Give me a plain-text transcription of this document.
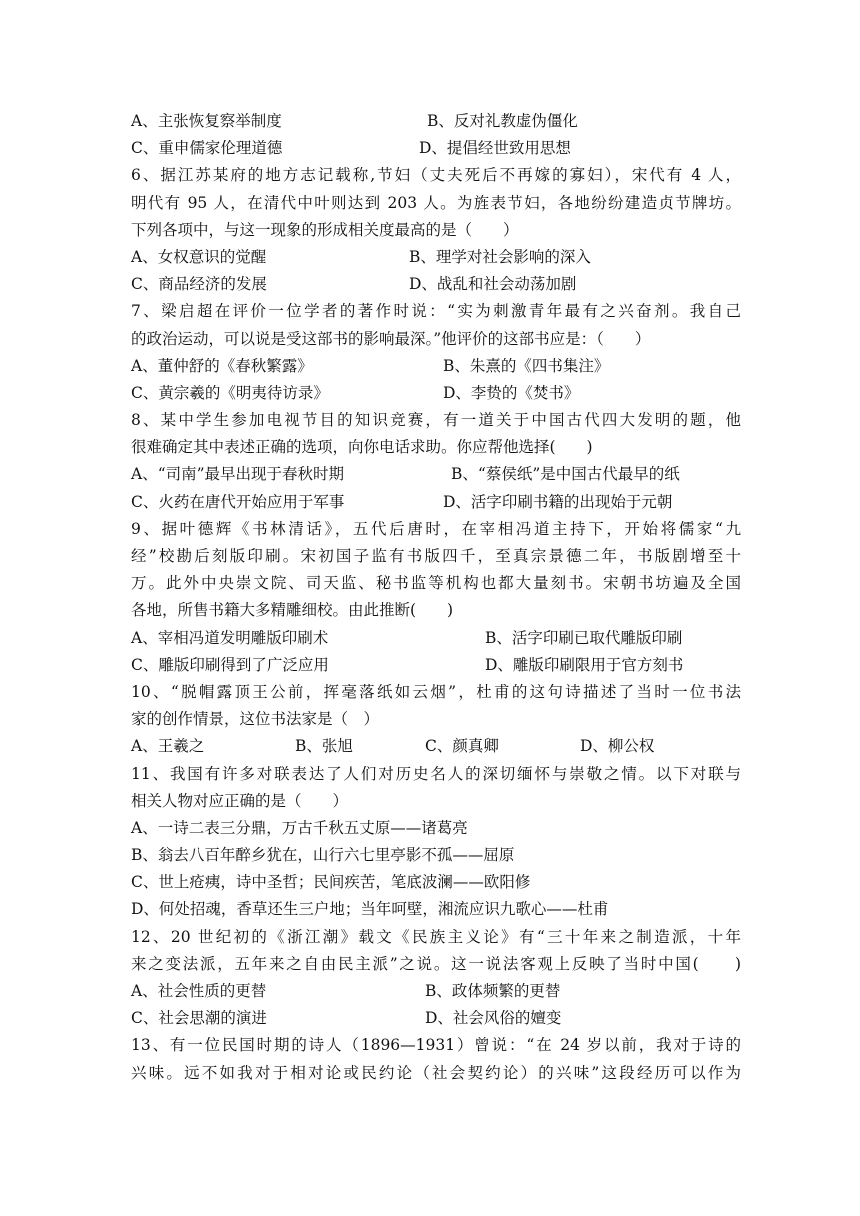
A、主张恢复察举制度	B、反对礼教虚伪僵化
C、重申儒家伦理道德	D、提倡经世致用思想
6、据江苏某府的地方志记载称,节妇（丈夫死后不再嫁的寡妇），宋代有 4 人，
明代有 95 人，在清代中叶则达到 203 人。为旌表节妇，各地纷纷建造贞节牌坊。
下列各项中，与这一现象的形成相关度最高的是（　　）
A、女权意识的觉醒	B、理学对社会影响的深入
C、商品经济的发展	D、战乱和社会动荡加剧
7、梁启超在评价一位学者的著作时说：“实为刺激青年最有之兴奋剂。我自己
的政治运动，可以说是受这部书的影响最深。”他评价的这部书应是：（　　）
A、董仲舒的《春秋繁露》	B、朱熹的《四书集注》
C、黄宗羲的《明夷待访录》	D、李贽的《焚书》
8、某中学生参加电视节目的知识竞赛，有一道关于中国古代四大发明的题，他
很难确定其中表述正确的选项，向你电话求助。你应帮他选择(　　)
A、“司南”最早出现于春秋时期	B、“蔡侯纸”是中国古代最早的纸
C、火药在唐代开始应用于军事	D、活字印刷书籍的出现始于元朝
9、据叶德辉《书林清话》，五代后唐时，在宰相冯道主持下，开始将儒家“九
经”校勘后刻版印刷。宋初国子监有书版四千，至真宗景德二年，书版剧增至十
万。此外中央崇文院、司天监、秘书监等机构也都大量刻书。宋朝书坊遍及全国
各地，所售书籍大多精雕细校。由此推断(　　)
A、宰相冯道发明雕版印刷术	B、活字印刷已取代雕版印刷
C、雕版印刷得到了广泛应用	D、雕版印刷限用于官方刻书
10、“脱帽露顶王公前，挥毫落纸如云烟”，杜甫的这句诗描述了当时一位书法
家的创作情景，这位书法家是（　）
A、王羲之	B、张旭	C、颜真卿	D、柳公权
11、我国有许多对联表达了人们对历史名人的深切缅怀与崇敬之情。以下对联与
相关人物对应正确的是（　　）
A、一诗二表三分鼎，万古千秋五丈原——诸葛亮
B、翁去八百年醉乡犹在，山行六七里亭影不孤——屈原
C、世上疮痍，诗中圣哲；民间疾苦，笔底波澜——欧阳修
D、何处招魂，香草还生三户地；当年呵壁，湘流应识九歌心——杜甫
12、20 世纪初的《浙江潮》载文《民族主义论》有“三十年来之制造派，十年
来之变法派，五年来之自由民主派”之说。这一说法客观上反映了当时中国(　　)
A、社会性质的更替	B、政体频繁的更替
C、社会思潮的演进	D、社会风俗的嬗变
13、有一位民国时期的诗人（1896—1931）曾说：“在 24 岁以前，我对于诗的
兴味。远不如我对于相对论或民约论（社会契约论）的兴味”这段经历可以作为
